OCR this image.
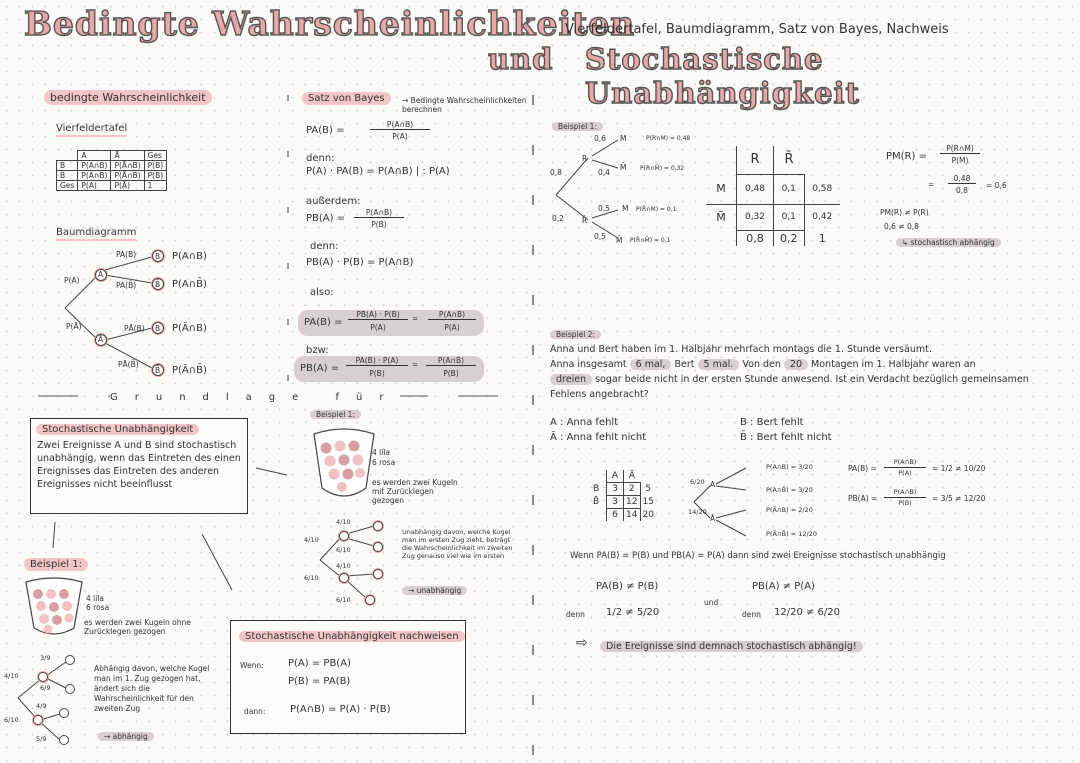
Bedingte Wahrscheinlichkeiten
und Stochastische Unabhängigkeit
Vierfeldertafel, Baumdiagramm, Satz von Bayes, Nachweis
bedingte Wahrscheinlichkeit
Vierfeldertafel
	A	Ā	Ges
B	P(A∩B)	P(Ā∩B)	P(B)
B̄	P(A∩B̄)	P(Ā∩B̄)	P(B̄)
Ges	P(A)	P(Ā)	1
Baumdiagramm
P(A)
P(Ā)
A
Ā
PA(B)
PA(B̄)
PĀ(B)
PĀ(B̄)
B
B̄
B
B̄
P(A∩B)
P(A∩B̄)
P(Ā∩B)
P(Ā∩B̄)
Grundlage für
Satz von Bayes	→ Bedingte Wahrscheinlichkeiten berechnen
PA(B) =
P(A∩B)
P(A)
denn:
P(A) · PA(B) = P(A∩B) | : P(A)
außerdem:
PB(A) =
P(A∩B)
P(B)
denn:
PB(A) · P(B) = P(A∩B)
also:
PA(B) =
PB(A) · P(B)
P(A)
=	P(A∩B)
P(A)
bzw:
PB(A) =
PA(B) · P(A)
P(B)
=	P(A∩B)
P(B)
Beispiel 1:
0,8
0,2
R
R̄
0,6 M	P(R∩M) = 0,48
0,4
M̄ P(R∩M̄) = 0,32
0,5 M P(R̄∩M) = 0,1
0,5 M̄ P(R̄∩M̄) = 0,1
	R	R̄	
M	0,48	0,1	0,58
M̄	0,32	0,1	0,42
	0,8	0,2	1
PM(R) =
P(R∩M)
P(M)
=
0,48
0,8
= 0,6
PM(R) ≠ P(R)
0,6 ≠ 0,8
↳ stochastisch abhängig
Stochastische Unabhängigkeit
Zwei Ereignisse A und B sind stochastisch unabhängig, wenn das Eintreten des einen Ereignisses das Eintreten des anderen Ereignisses nicht beeinflusst
Beispiel 1:
4 lila
6 rosa
es werden zwei Kugeln ohne Zurücklegen gezogen
4/10
6/10
3/9
6/9
4/9
5/9
Abhängig davon, welche Kugel man im 1. Zug gezogen hat, ändert sich die Wahrscheinlichkeit für den zweiten Zug
→ abhängig
Beispiel 1:
4 lila
6 rosa
es werden zwei Kugeln mit Zurücklegen gezogen
4/10
6/10
4/10
6/10
4/10
6/10
Unabhängig davon, welche Kugel man im ersten Zug zieht, beträgt die Wahrscheinlichkeit im zweiten Zug genauso viel wie im ersten
→ unabhängig
Stochastische Unabhängigkeit nachweisen
Wenn: P(A) = PB(A)
P(B) = PA(B)
dann: P(A∩B) = P(A) · P(B)
Beispiel 2:
Anna und Bert haben im 1. Halbjahr mehrfach montags die 1. Stunde versäumt.
Anna insgesamt 6 mal, Bert 5 mal. Von den 20 Montagen im 1. Halbjahr waren an
dreien sogar beide nicht in der ersten Stunde anwesend. Ist ein Verdacht bezüglich gemeinsamen
Fehlens angebracht?
A : Anna fehlt
Ā : Anna fehlt nicht
B : Bert fehlt
B̄ : Bert fehlt nicht
	A	Ā	
B	3	2	5
B̄	3	12	15
	6	14	20
6/20
14/20
A
Ā
P(A∩B) = 3/20
P(A∩B̄) = 3/20
P(Ā∩B) = 2/20
P(Ā∩B̄) = 12/20
PA(B) =
P(A∩B)
P(A)	= 1/2 ≠ 10/20
PB(A) =
P(A∩B)
P(B)	= 3/5 ≠ 12/20
Wenn PA(B) = P(B) und PB(A) = P(A) dann sind zwei Ereignisse stochastisch unabhängig
PA(B) ≠ P(B)	PB(A) ≠ P(A)
und
denn 1/2 ≠ 5/20	denn 12/20 ≠ 6/20
⇨	Die Ereignisse sind demnach stochastisch abhängig!
